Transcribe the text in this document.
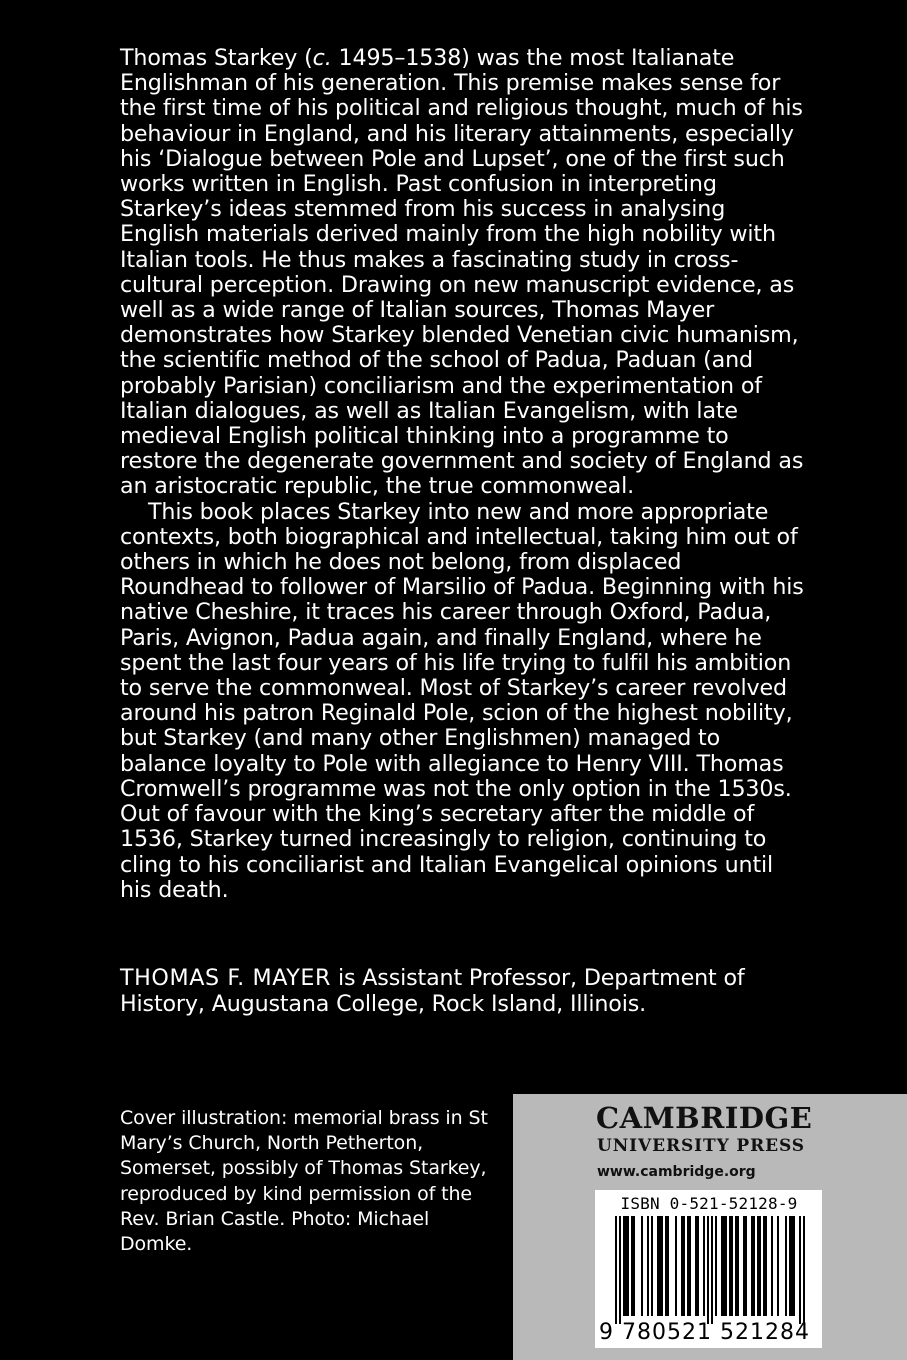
Thomas Starkey (c. 1495–1538) was the most Italianate Englishman of his generation. This premise makes sense for the first time of his political and religious thought, much of his behaviour in England, and his literary attainments, especially his ‘Dialogue between Pole and Lupset’, one of the first such works written in English. Past confusion in interpreting Starkey’s ideas stemmed from his success in analysing English materials derived mainly from the high nobility with Italian tools. He thus makes a fascinating study in cross-cultural perception. Drawing on new manuscript evidence, as well as a wide range of Italian sources, Thomas Mayer demonstrates how Starkey blended Venetian civic humanism, the scientific method of the school of Padua, Paduan (and probably Parisian) conciliarism and the experimentation of Italian dialogues, as well as Italian Evangelism, with late medieval English political thinking into a programme to restore the degenerate government and society of England as an aristocratic republic, the true commonweal.

This book places Starkey into new and more appropriate contexts, both biographical and intellectual, taking him out of others in which he does not belong, from displaced Roundhead to follower of Marsilio of Padua. Beginning with his native Cheshire, it traces his career through Oxford, Padua, Paris, Avignon, Padua again, and finally England, where he spent the last four years of his life trying to fulfil his ambition to serve the commonweal. Most of Starkey’s career revolved around his patron Reginald Pole, scion of the highest nobility, but Starkey (and many other Englishmen) managed to balance loyalty to Pole with allegiance to Henry VIII. Thomas Cromwell’s programme was not the only option in the 1530s. Out of favour with the king’s secretary after the middle of 1536, Starkey turned increasingly to religion, continuing to cling to his conciliarist and Italian Evangelical opinions until his death.

THOMAS F. MAYER is Assistant Professor, Department of History, Augustana College, Rock Island, Illinois.
Cover illustration: memorial brass in St Mary’s Church, North Petherton, Somerset, possibly of Thomas Starkey, reproduced by kind permission of the Rev. Brian Castle. Photo: Michael Domke.
CAMBRIDGE
UNIVERSITY PRESS
www.cambridge.org
ISBN 0-521-52128-9
9 780521 521284
